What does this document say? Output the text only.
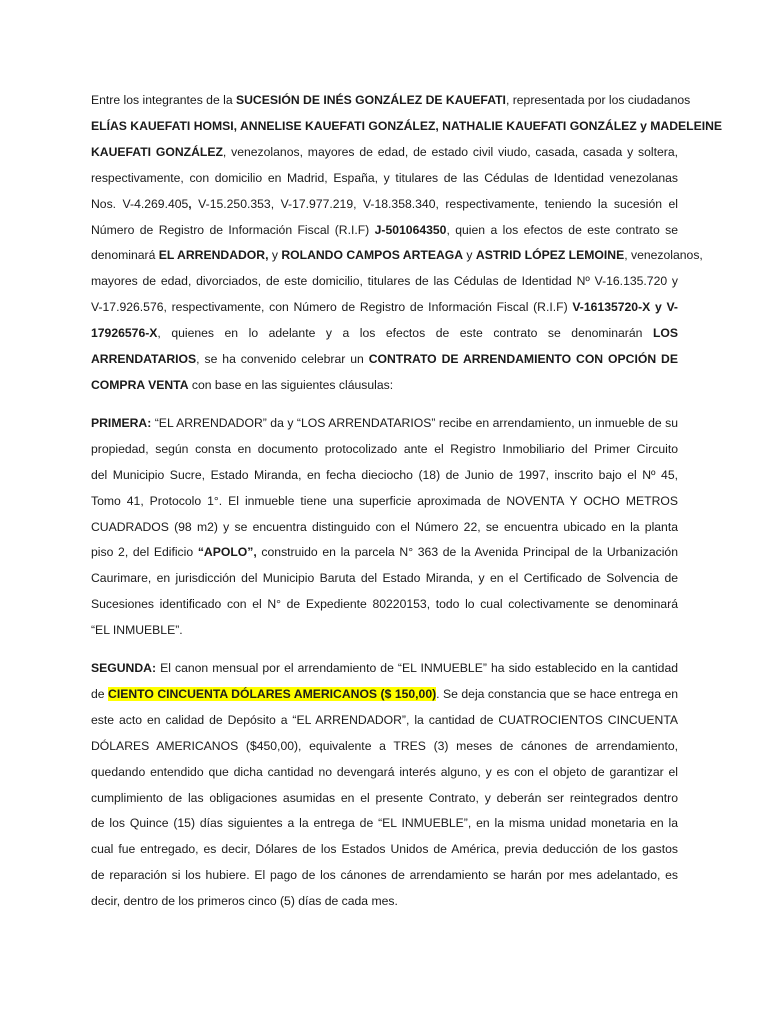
Entre los integrantes de la SUCESIÓN DE INÉS GONZÁLEZ DE KAUEFATI, representada por los ciudadanos
ELÍAS KAUEFATI HOMSI, ANNELISE KAUEFATI GONZÁLEZ, NATHALIE KAUEFATI GONZÁLEZ y MADELEINE
KAUEFATI GONZÁLEZ, venezolanos, mayores de edad, de estado civil viudo, casada, casada y soltera,
respectivamente, con domicilio en Madrid, España, y titulares de las Cédulas de Identidad venezolanas
Nos. V-4.269.405, V-15.250.353, V-17.977.219, V-18.358.340, respectivamente, teniendo la sucesión el
Número de Registro de Información Fiscal (R.I.F) J-501064350, quien a los efectos de este contrato se
denominará EL ARRENDADOR, y ROLANDO CAMPOS ARTEAGA y ASTRID LÓPEZ LEMOINE, venezolanos,
mayores de edad, divorciados, de este domicilio, titulares de las Cédulas de Identidad Nº V-16.135.720 y
V-17.926.576, respectivamente, con Número de Registro de Información Fiscal (R.I.F) V-16135720-X y V-
17926576-X, quienes en lo adelante y a los efectos de este contrato se denominarán LOS
ARRENDATARIOS, se ha convenido celebrar un CONTRATO DE ARRENDAMIENTO CON OPCIÓN DE
COMPRA VENTA con base en las siguientes cláusulas:
PRIMERA: “EL ARRENDADOR” da y “LOS ARRENDATARIOS” recibe en arrendamiento, un inmueble de su
propiedad, según consta en documento protocolizado ante el Registro Inmobiliario del Primer Circuito
del Municipio Sucre, Estado Miranda, en fecha dieciocho (18) de Junio de 1997, inscrito bajo el Nº 45,
Tomo 41, Protocolo 1°. El inmueble tiene una superficie aproximada de NOVENTA Y OCHO METROS
CUADRADOS (98 m2) y se encuentra distinguido con el Número 22, se encuentra ubicado en la planta
piso 2, del Edificio “APOLO”, construido en la parcela N° 363 de la Avenida Principal de la Urbanización
Caurimare, en jurisdicción del Municipio Baruta del Estado Miranda, y en el Certificado de Solvencia de
Sucesiones identificado con el N° de Expediente 80220153, todo lo cual colectivamente se denominará
“EL INMUEBLE”.
SEGUNDA: El canon mensual por el arrendamiento de “EL INMUEBLE” ha sido establecido en la cantidad
de CIENTO CINCUENTA DÓLARES AMERICANOS ($ 150,00). Se deja constancia que se hace entrega en
este acto en calidad de Depósito a “EL ARRENDADOR”, la cantidad de CUATROCIENTOS CINCUENTA
DÓLARES AMERICANOS ($450,00), equivalente a TRES (3) meses de cánones de arrendamiento,
quedando entendido que dicha cantidad no devengará interés alguno, y es con el objeto de garantizar el
cumplimiento de las obligaciones asumidas en el presente Contrato, y deberán ser reintegrados dentro
de los Quince (15) días siguientes a la entrega de “EL INMUEBLE”, en la misma unidad monetaria en la
cual fue entregado, es decir, Dólares de los Estados Unidos de América, previa deducción de los gastos
de reparación si los hubiere. El pago de los cánones de arrendamiento se harán por mes adelantado, es
decir, dentro de los primeros cinco (5) días de cada mes.
